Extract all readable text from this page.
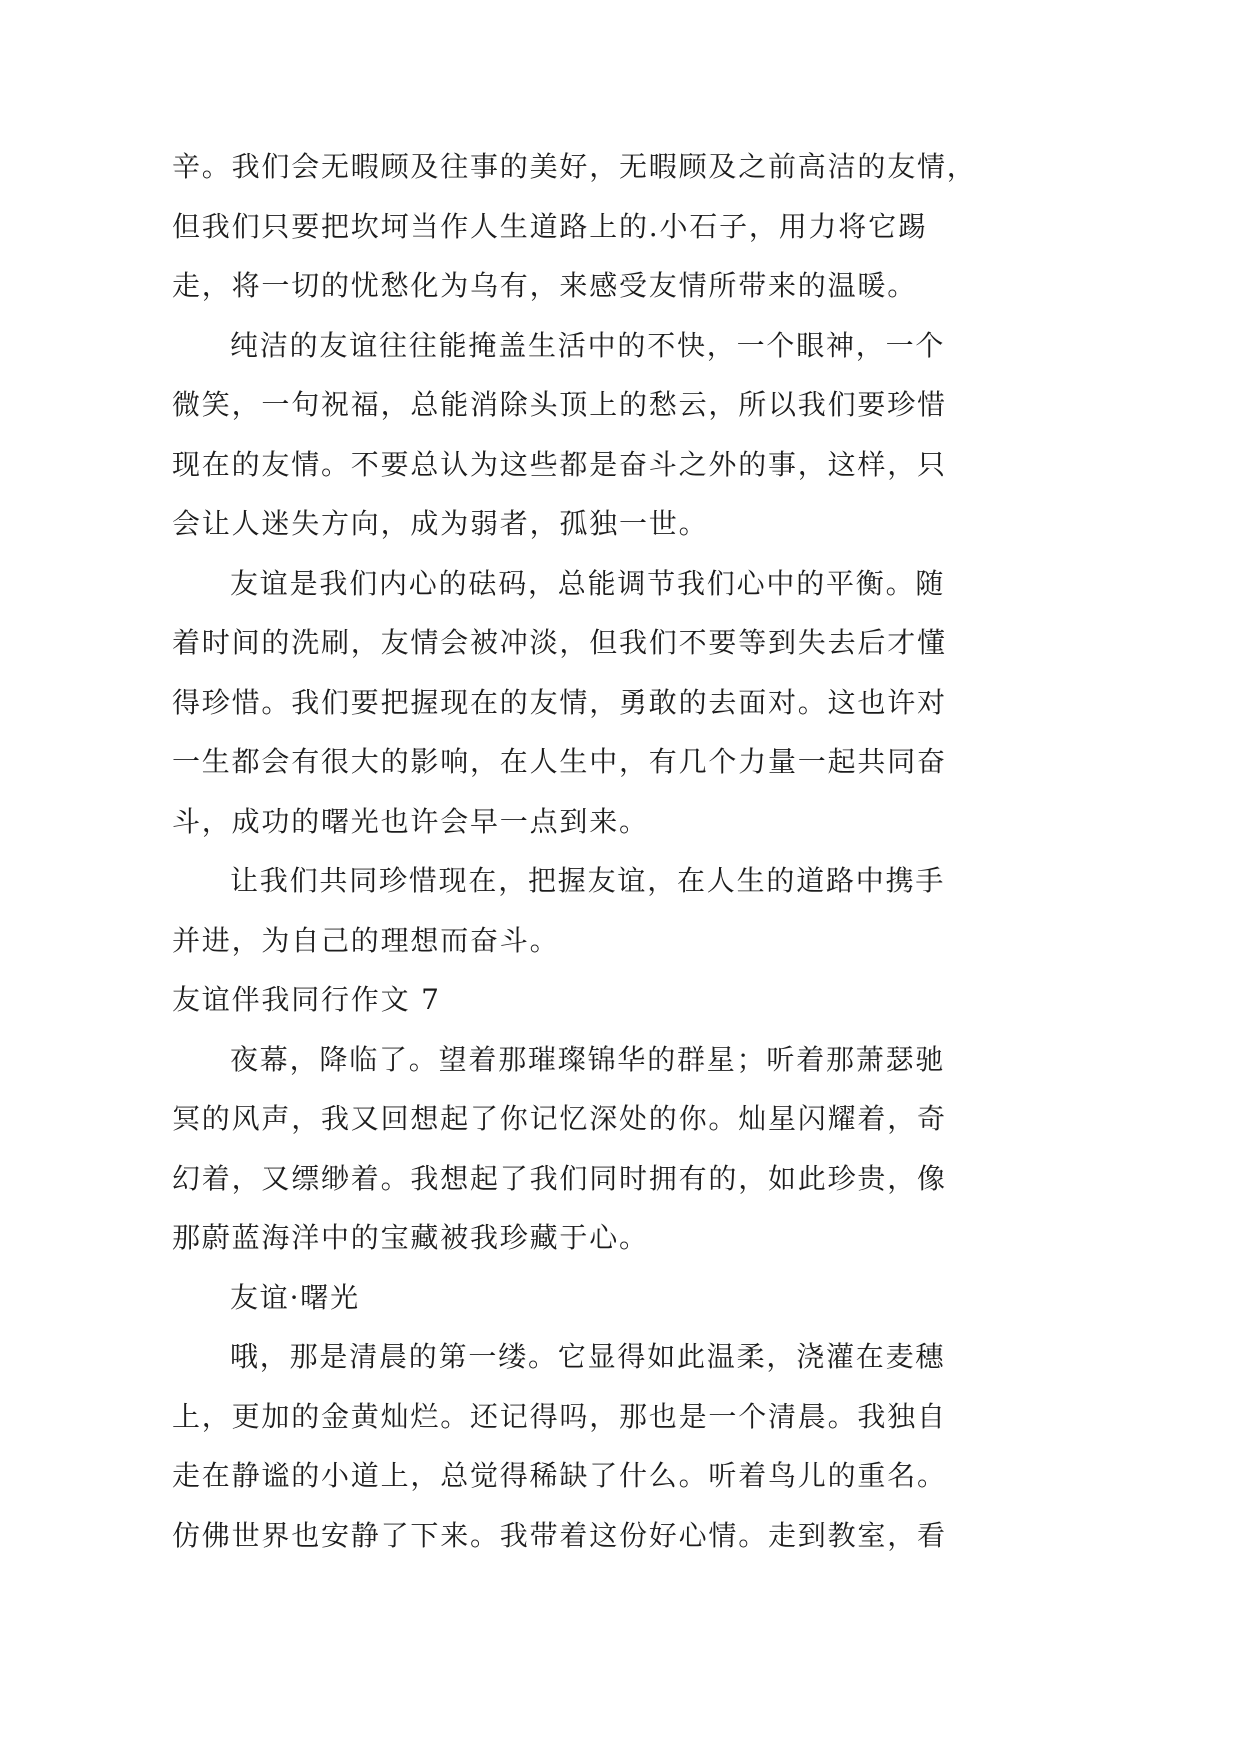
辛。我们会无暇顾及往事的美好，无暇顾及之前高洁的友情，
但我们只要把坎坷当作人生道路上的.小石子，用力将它踢
走，将一切的忧愁化为乌有，来感受友情所带来的温暖。
纯洁的友谊往往能掩盖生活中的不快，一个眼神，一个
微笑，一句祝福，总能消除头顶上的愁云，所以我们要珍惜
现在的友情。不要总认为这些都是奋斗之外的事，这样，只
会让人迷失方向，成为弱者，孤独一世。
友谊是我们内心的砝码，总能调节我们心中的平衡。随
着时间的洗刷，友情会被冲淡，但我们不要等到失去后才懂
得珍惜。我们要把握现在的友情，勇敢的去面对。这也许对
一生都会有很大的影响，在人生中，有几个力量一起共同奋
斗，成功的曙光也许会早一点到来。
让我们共同珍惜现在，把握友谊，在人生的道路中携手
并进，为自己的理想而奋斗。
友谊伴我同行作文 7
夜幕，降临了。望着那璀璨锦华的群星；听着那萧瑟驰
冥的风声，我又回想起了你记忆深处的你。灿星闪耀着，奇
幻着，又缥缈着。我想起了我们同时拥有的，如此珍贵，像
那蔚蓝海洋中的宝藏被我珍藏于心。
友谊·曙光
哦，那是清晨的第一缕。它显得如此温柔，浇灌在麦穗
上，更加的金黄灿烂。还记得吗，那也是一个清晨。我独自
走在静谧的小道上，总觉得稀缺了什么。听着鸟儿的重名。
仿佛世界也安静了下来。我带着这份好心情。走到教室，看
